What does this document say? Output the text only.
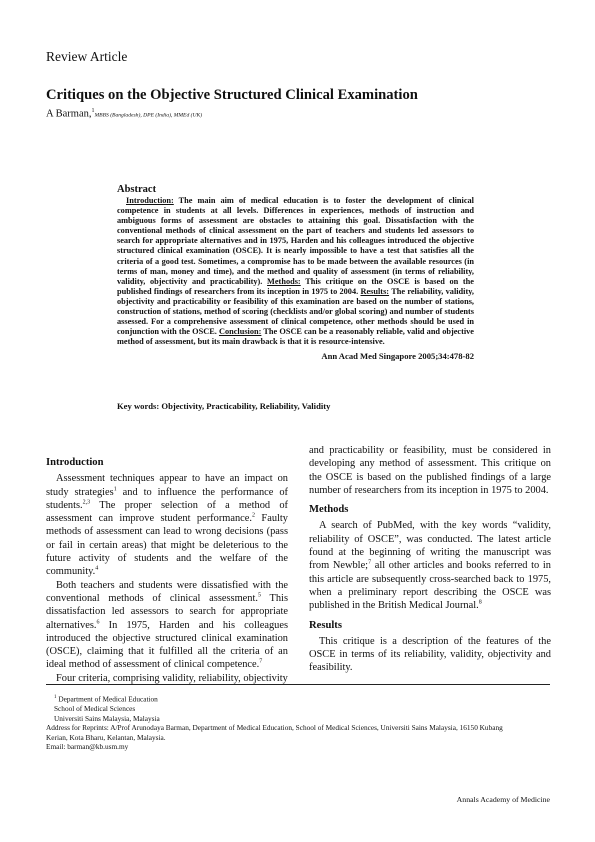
Review Article
Critiques on the Objective Structured Clinical Examination
A Barman,$^1$MBBS (Bangladesh), DPE (India), MMEd (UK)
Abstract

Introduction: The main aim of medical education is to foster the development of clinical competence in students at all levels. Differences in experiences, methods of instruction and ambiguous forms of assessment are obstacles to attaining this goal. Dissatisfaction with the conventional methods of clinical assessment on the part of teachers and students led assessors to search for appropriate alternatives and in 1975, Harden and his colleagues introduced the objective structured clinical examination (OSCE). It is nearly impossible to have a test that satisfies all the criteria of a good test. Sometimes, a compromise has to be made between the available resources (in terms of man, money and time), and the method and quality of assessment (in terms of reliability, validity, objectivity and practicability). Methods: This critique on the OSCE is based on the published findings of researchers from its inception in 1975 to 2004. Results: The reliability, validity, objectivity and practicability or feasibility of this examination are based on the number of stations, construction of stations, method of scoring (checklists and/or global scoring) and number of students assessed. For a comprehensive assessment of clinical competence, other methods should be used in conjunction with the OSCE. Conclusion: The OSCE can be a reasonably reliable, valid and objective method of assessment, but its main drawback is that it is resource-intensive.

Ann Acad Med Singapore 2005;34:478-82
Key words: Objectivity, Practicability, Reliability, Validity
Introduction

Assessment techniques appear to have an impact on study strategies$^1$ and to influence the performance of students.$^{2,3}$ The proper selection of a method of assessment can improve student performance.$^2$ Faulty methods of assessment can lead to wrong decisions (pass or fail in certain areas) that might be deleterious to the future activity of students and the welfare of the community.$^4$

Both teachers and students were dissatisfied with the conventional methods of clinical assessment.$^5$ This dissatisfaction led assessors to search for appropriate alternatives.$^6$ In 1975, Harden and his colleagues introduced the objective structured clinical examination (OSCE), claiming that it fulfilled all the criteria of an ideal method of assessment of clinical competence.$^7$

Four criteria, comprising validity, reliability, objectivity

and practicability or feasibility, must be considered in developing any method of assessment. This critique on the OSCE is based on the published findings of a large number of researchers from its inception in 1975 to 2004.

Methods

A search of PubMed, with the key words “validity, reliability of OSCE”, was conducted. The latest article found at the beginning of writing the manuscript was from Newble;$^7$ all other articles and books referred to in this article are subsequently cross-searched back to 1975, when a preliminary report describing the OSCE was published in the British Medical Journal.$^8$

Results

This critique is a description of the features of the OSCE in terms of its reliability, validity, objectivity and feasibility.

$^1$ Department of Medical Education
School of Medical Sciences
Universiti Sains Malaysia, Malaysia
Address for Reprints: A/Prof Arunodaya Barman, Department of Medical Education, School of Medical Sciences, Universiti Sains Malaysia, 16150 Kubang
Kerian, Kota Bharu, Kelantan, Malaysia.
Email: barman@kb.usm.my
Annals Academy of Medicine
